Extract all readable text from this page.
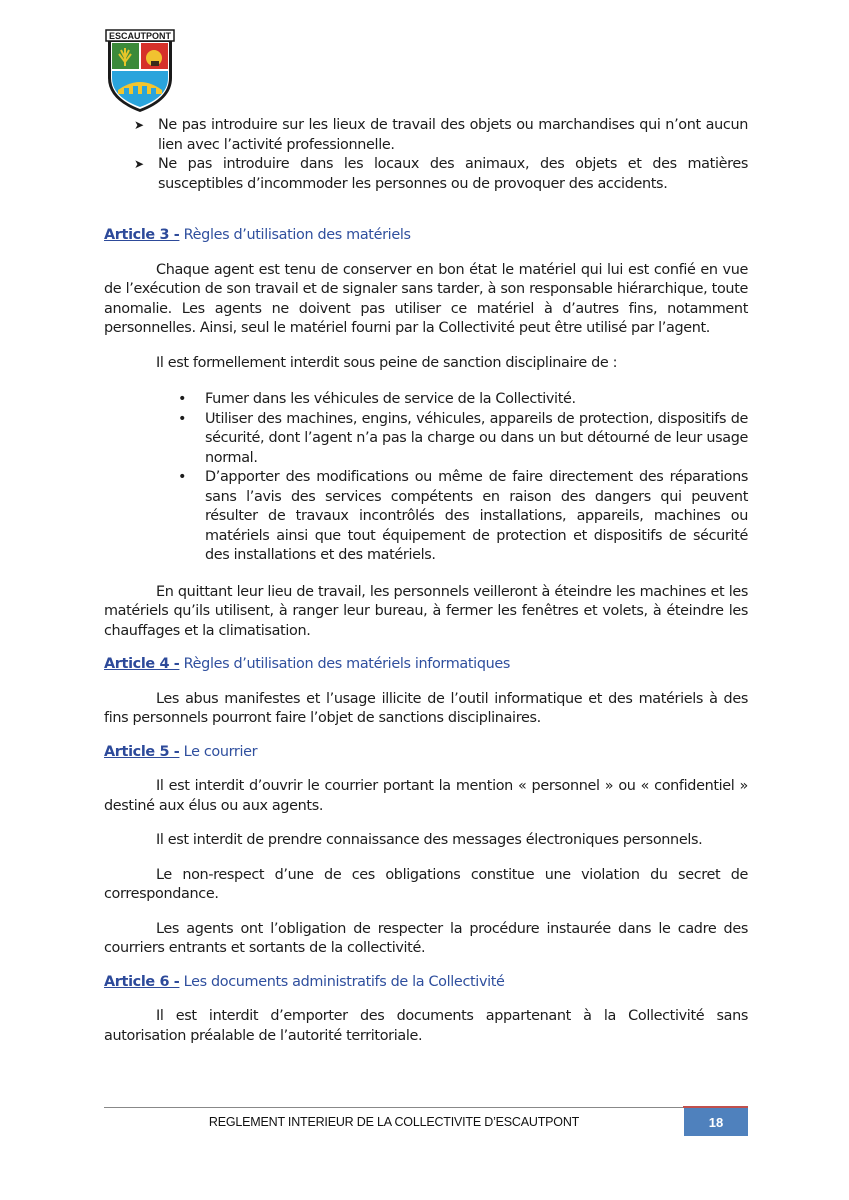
ESCAUTPONT
➤ Ne pas introduire sur les lieux de travail des objets ou marchandises qui n’ont aucun lien avec l’activité professionnelle.
➤ Ne pas introduire dans les locaux des animaux, des objets et des matières susceptibles d’incommoder les personnes ou de provoquer des accidents.
Article 3 - Règles d’utilisation des matériels

Chaque agent est tenu de conserver en bon état le matériel qui lui est confié en vue de l’exécution de son travail et de signaler sans tarder, à son responsable hiérarchique, toute anomalie. Les agents ne doivent pas utiliser ce matériel à d’autres fins, notamment personnelles. Ainsi, seul le matériel fourni par la Collectivité peut être utilisé par l’agent.

Il est formellement interdit sous peine de sanction disciplinaire de :

• Fumer dans les véhicules de service de la Collectivité.
• Utiliser des machines, engins, véhicules, appareils de protection, dispositifs de sécurité, dont l’agent n’a pas la charge ou dans un but détourné de leur usage normal.
• D’apporter des modifications ou même de faire directement des réparations sans l’avis des services compétents en raison des dangers qui peuvent résulter de travaux incontrôlés des installations, appareils, machines ou matériels ainsi que tout équipement de protection et dispositifs de sécurité des installations et des matériels.

En quittant leur lieu de travail, les personnels veilleront à éteindre les machines et les matériels qu’ils utilisent, à ranger leur bureau, à fermer les fenêtres et volets, à éteindre les chauffages et la climatisation.

Article 4 - Règles d’utilisation des matériels informatiques

Les abus manifestes et l’usage illicite de l’outil informatique et des matériels à des fins personnels pourront faire l’objet de sanctions disciplinaires.

Article 5 - Le courrier

Il est interdit d’ouvrir le courrier portant la mention « personnel » ou « confidentiel » destiné aux élus ou aux agents.

Il est interdit de prendre connaissance des messages électroniques personnels.

Le non-respect d’une de ces obligations constitue une violation du secret de correspondance.

Les agents ont l’obligation de respecter la procédure instaurée dans le cadre des courriers entrants et sortants de la collectivité.

Article 6 - Les documents administratifs de la Collectivité

Il est interdit d’emporter des documents appartenant à la Collectivité sans autorisation préalable de l’autorité territoriale.

REGLEMENT INTERIEUR DE LA COLLECTIVITE D’ESCAUTPONT	18
